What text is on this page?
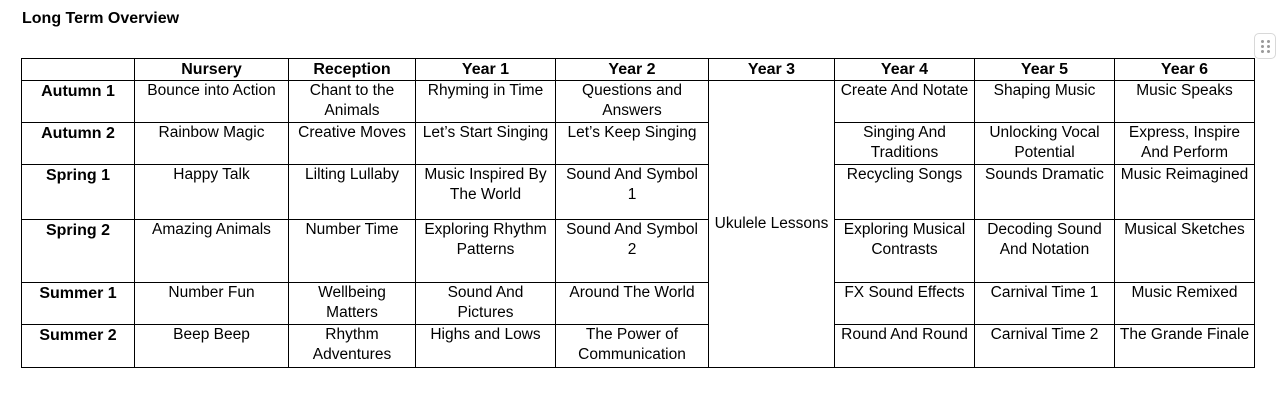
Long Term Overview
	Nursery	Reception	Year 1	Year 2	Year 3	Year 4	Year 5	Year 6
Autumn 1	Bounce into Action	Chant to the Animals	Rhyming in Time	Questions and Answers	Ukulele Lessons	Create And Notate	Shaping Music	Music Speaks
Autumn 2	Rainbow Magic	Creative Moves	Let’s Start Singing	Let’s Keep Singing		Singing And Traditions	Unlocking Vocal Potential	Express, Inspire And Perform
Spring 1	Happy Talk	Lilting Lullaby	Music Inspired By The World	Sound And Symbol 1		Recycling Songs	Sounds Dramatic	Music Reimagined
Spring 2	Amazing Animals	Number Time	Exploring Rhythm Patterns	Sound And Symbol 2		Exploring Musical Contrasts	Decoding Sound And Notation	Musical Sketches
Summer 1	Number Fun	Wellbeing Matters	Sound And Pictures	Around The World		FX Sound Effects	Carnival Time 1	Music Remixed
Summer 2	Beep Beep	Rhythm Adventures	Highs and Lows	The Power of Communication		Round And Round	Carnival Time 2	The Grande Finale
